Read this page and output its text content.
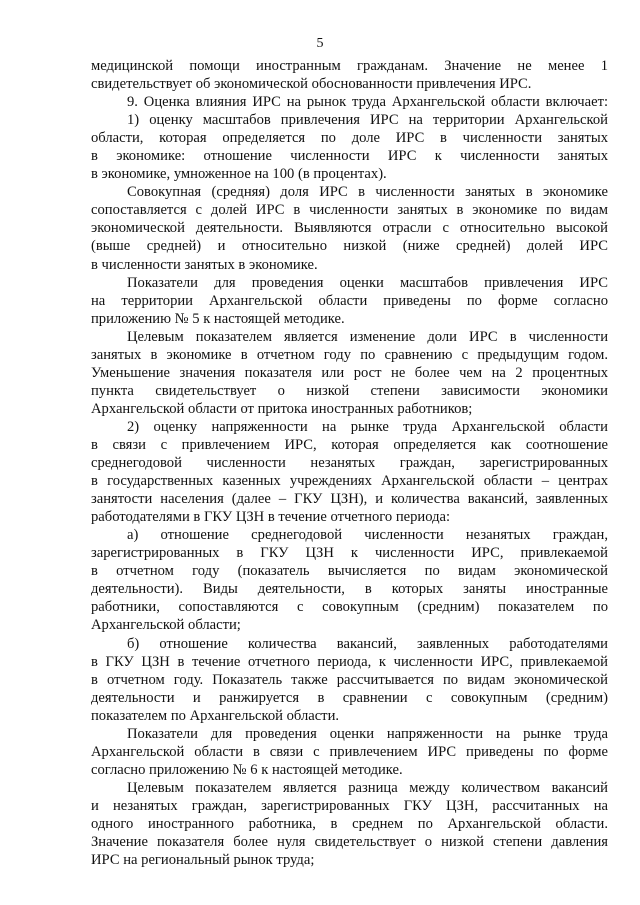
5
медицинской помощи иностранным гражданам. Значение не менее 1
свидетельствует об экономической обоснованности привлечения ИРС.
9. Оценка влияния ИРС на рынок труда Архангельской области включает:
1) оценку масштабов привлечения ИРС на территории Архангельской
области, которая определяется по доле ИРС в численности занятых
в экономике: отношение численности ИРС к численности занятых
в экономике, умноженное на 100 (в процентах).
Совокупная (средняя) доля ИРС в численности занятых в экономике
сопоставляется с долей ИРС в численности занятых в экономике по видам
экономической деятельности. Выявляются отрасли с относительно высокой
(выше средней) и относительно низкой (ниже средней) долей ИРС
в численности занятых в экономике.
Показатели для проведения оценки масштабов привлечения ИРС
на территории Архангельской области приведены по форме согласно
приложению № 5 к настоящей методике.
Целевым показателем является изменение доли ИРС в численности
занятых в экономике в отчетном году по сравнению с предыдущим годом.
Уменьшение значения показателя или рост не более чем на 2 процентных
пункта свидетельствует о низкой степени зависимости экономики
Архангельской области от притока иностранных работников;
2) оценку напряженности на рынке труда Архангельской области
в связи с привлечением ИРС, которая определяется как соотношение
среднегодовой численности незанятых граждан, зарегистрированных
в государственных казенных учреждениях Архангельской области – центрах
занятости населения (далее – ГКУ ЦЗН), и количества вакансий, заявленных
работодателями в ГКУ ЦЗН в течение отчетного периода:
а) отношение среднегодовой численности незанятых граждан,
зарегистрированных в ГКУ ЦЗН к численности ИРС, привлекаемой
в отчетном году (показатель вычисляется по видам экономической
деятельности). Виды деятельности, в которых заняты иностранные
работники, сопоставляются с совокупным (средним) показателем по
Архангельской области;
б) отношение количества вакансий, заявленных работодателями
в ГКУ ЦЗН в течение отчетного периода, к численности ИРС, привлекаемой
в отчетном году. Показатель также рассчитывается по видам экономической
деятельности и ранжируется в сравнении с совокупным (средним)
показателем по Архангельской области.
Показатели для проведения оценки напряженности на рынке труда
Архангельской области в связи с привлечением ИРС приведены по форме
согласно приложению № 6 к настоящей методике.
Целевым показателем является разница между количеством вакансий
и незанятых граждан, зарегистрированных ГКУ ЦЗН, рассчитанных на
одного иностранного работника, в среднем по Архангельской области.
Значение показателя более нуля свидетельствует о низкой степени давления
ИРС на региональный рынок труда;
